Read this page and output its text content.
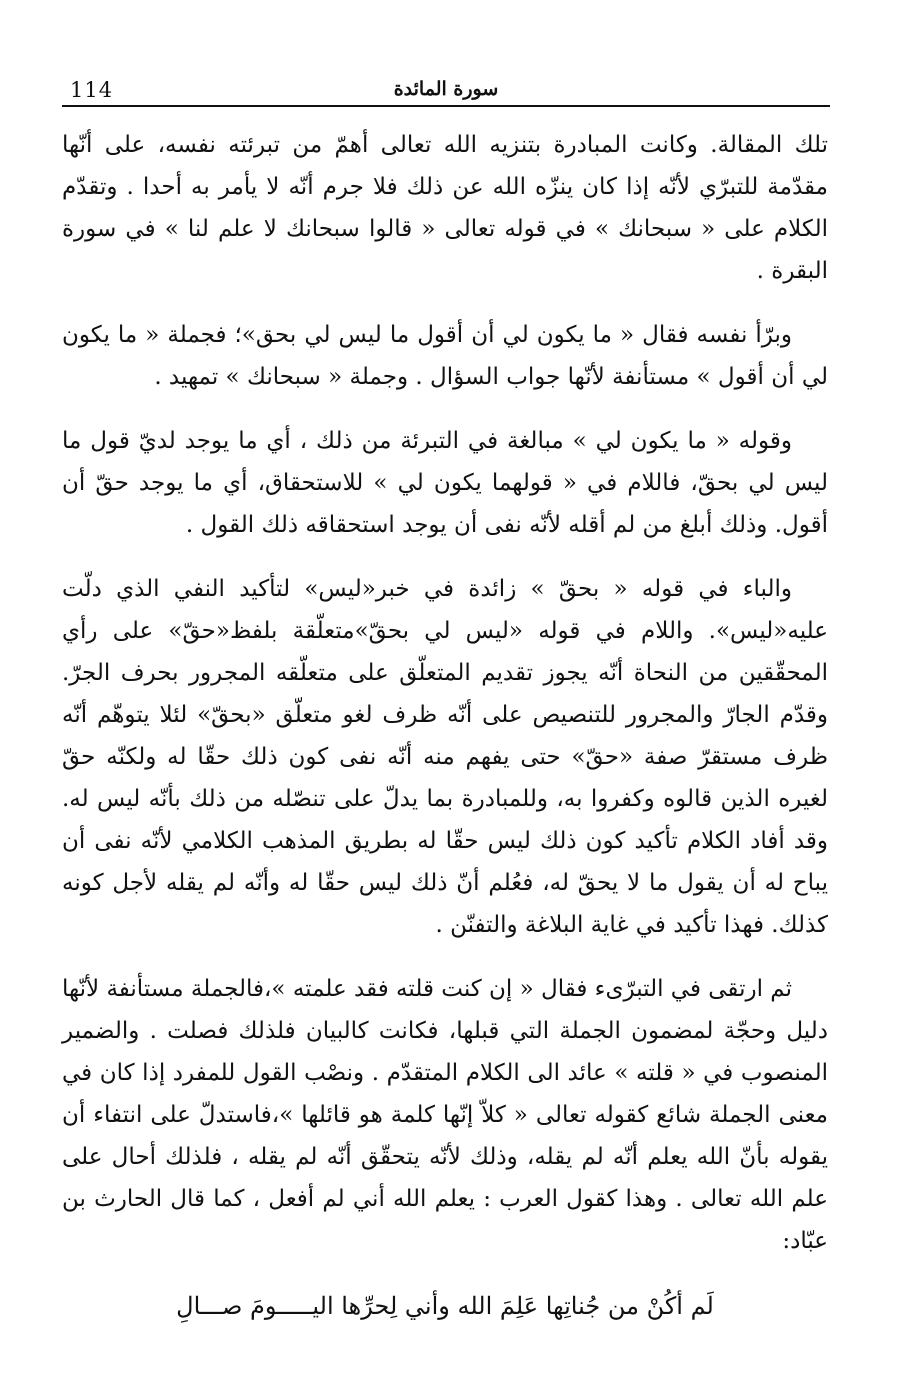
114	سورة المائدة

تلك المقالة. وكانت المبادرة بتنزيه الله تعالى أهمّ من تبرئته نفسه، على أنّها مقدّمة للتبرّي لأنّه إذا كان ينزّه الله عن ذلك فلا جرم أنّه لا يأمر به أحدا . وتقدّم الكلام على « سبحانك » في قوله تعالى « قالوا سبحانك لا علم لنا » في سورة البقرة .

وبرّأ نفسه فقال « ما يكون لي أن أقول ما ليس لي بحق»؛ فجملة « ما يكون لي أن أقول » مستأنفة لأنّها جواب السؤال . وجملة « سبحانك » تمهيد .

وقوله « ما يكون لي » مبالغة في التبرئة من ذلك ، أي ما يوجد لديّ قول ما ليس لي بحقّ، فاللام في « قولهما يكون لي » للاستحقاق، أي ما يوجد حقّ أن أقول. وذلك أبلغ من لم أقله لأنّه نفى أن يوجد استحقاقه ذلك القول .

والباء في قوله « بحقّ » زائدة في خبر«ليس» لتأكيد النفي الذي دلّت عليه«ليس». واللام في قوله «ليس لي بحقّ»متعلّقة بلفظ«حقّ» على رأي المحقّقين من النحاة أنّه يجوز تقديم المتعلّق على متعلّقه المجرور بحرف الجرّ. وقدّم الجارّ والمجرور للتنصيص على أنّه ظرف لغو متعلّق «بحقّ» لئلا يتوهّم أنّه ظرف مستقرّ صفة «حقّ» حتى يفهم منه أنّه نفى كون ذلك حقّا له ولكنّه حقّ لغيره الذين قالوه وكفروا به، وللمبادرة بما يدلّ على تنصّله من ذلك بأنّه ليس له. وقد أفاد الكلام تأكيد كون ذلك ليس حقّا له بطريق المذهب الكلامي لأنّه نفى أن يباح له أن يقول ما لا يحقّ له، فعُلم أنّ ذلك ليس حقّا له وأنّه لم يقله لأجل كونه كذلك. فهذا تأكيد في غاية البلاغة والتفنّن .

ثم ارتقى في التبرّىء فقال « إن كنت قلته فقد علمته »،فالجملة مستأنفة لأنّها دليل وحجّة لمضمون الجملة التي قبلها، فكانت كالبيان فلذلك فصلت . والضمير المنصوب في « قلته » عائد الى الكلام المتقدّم . ونصْب القول للمفرد إذا كان في معنى الجملة شائع كقوله تعالى « كلاّ إنّها كلمة هو قائلها »،فاستدلّ على انتفاء أن يقوله بأنّ الله يعلم أنّه لم يقله، وذلك لأنّه يتحقّق أنّه لم يقله ، فلذلك أحال على علم الله تعالى . وهذا كقول العرب : يعلم الله أني لم أفعل ، كما قال الحارث بن عبّاد:

لَم أكُنْ من جُناتِها عَلِمَ الله وأني لِحرِّها اليـــــومَ صـــالِ
